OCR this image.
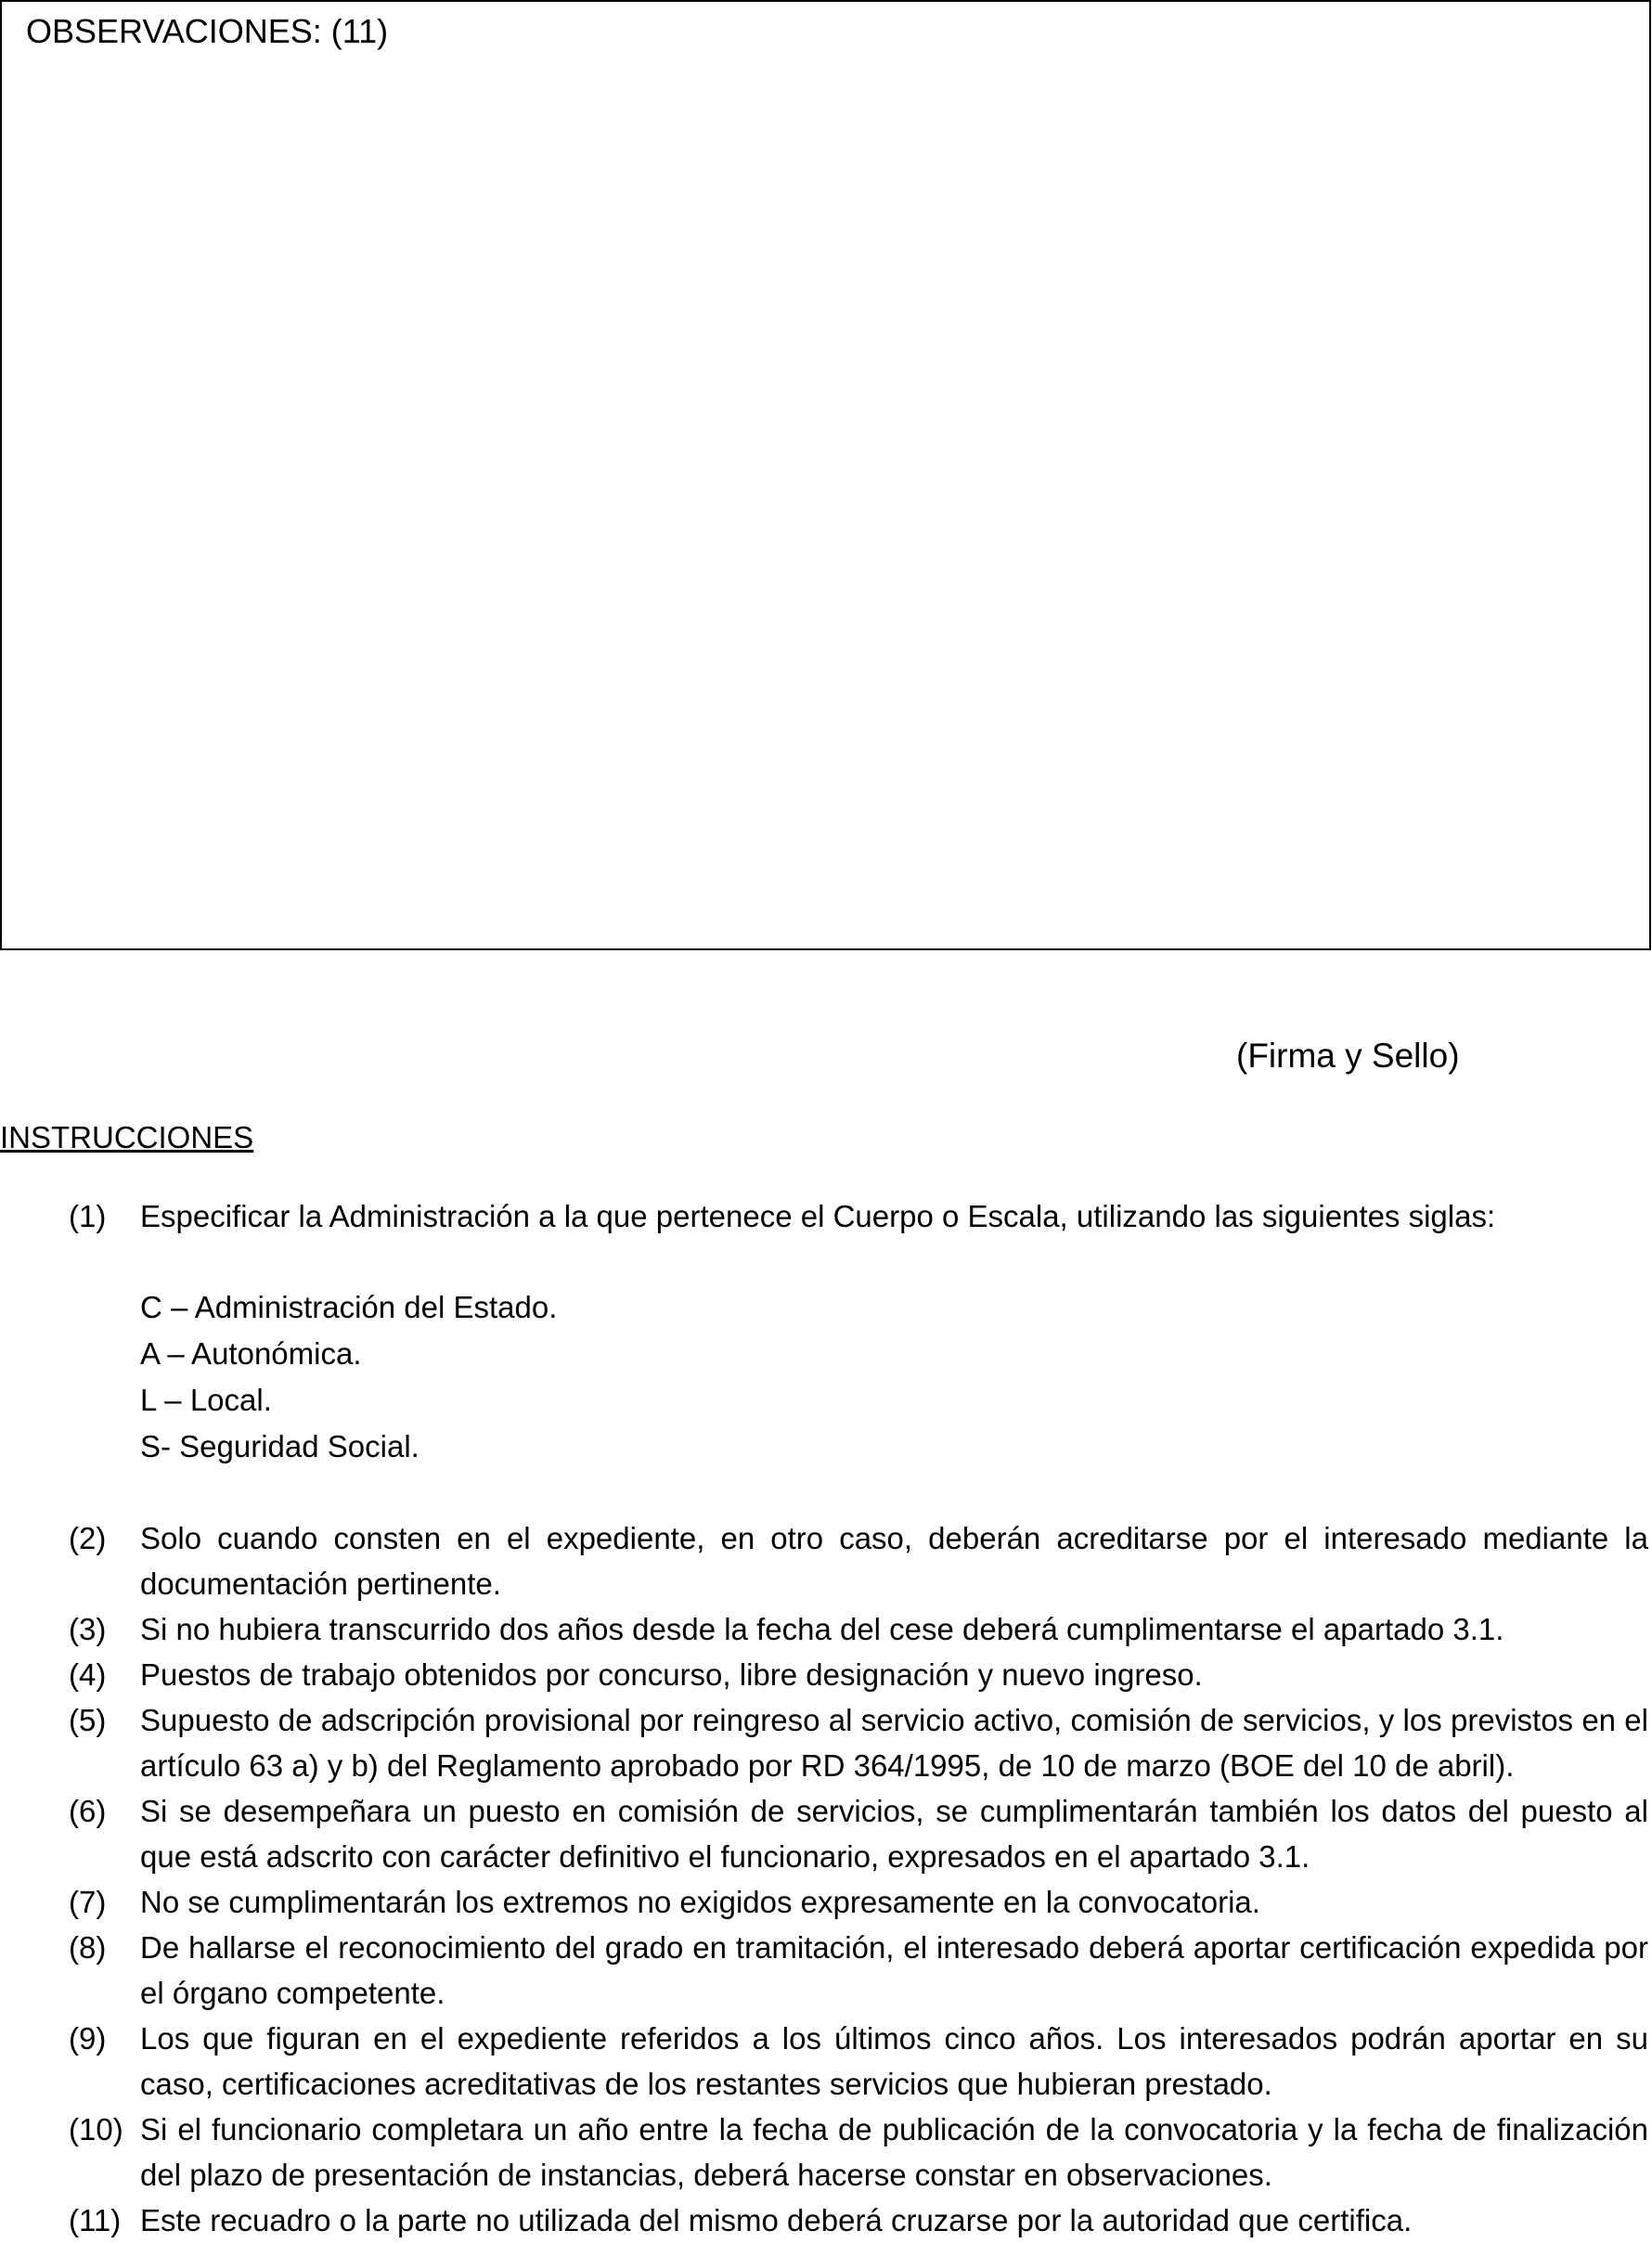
OBSERVACIONES: (11)
(Firma y Sello)
INSTRUCCIONES
(1) Especificar la Administración a la que pertenece el Cuerpo o Escala, utilizando las siguientes siglas:
C – Administración del Estado.
A – Autonómica.
L – Local.
S- Seguridad Social.
(2) Solo cuando consten en el expediente, en otro caso, deberán acreditarse por el interesado mediante la documentación pertinente.
(3) Si no hubiera transcurrido dos años desde la fecha del cese deberá cumplimentarse el apartado 3.1.
(4) Puestos de trabajo obtenidos por concurso, libre designación y nuevo ingreso.
(5) Supuesto de adscripción provisional por reingreso al servicio activo, comisión de servicios, y los previstos en el artículo 63 a) y b) del Reglamento aprobado por RD 364/1995, de 10 de marzo (BOE del 10 de abril).
(6) Si se desempeñara un puesto en comisión de servicios, se cumplimentarán también los datos del puesto al que está adscrito con carácter definitivo el funcionario, expresados en el apartado 3.1.
(7) No se cumplimentarán los extremos no exigidos expresamente en la convocatoria.
(8) De hallarse el reconocimiento del grado en tramitación, el interesado deberá aportar certificación expedida por el órgano competente.
(9) Los que figuran en el expediente referidos a los últimos cinco años. Los interesados podrán aportar en su caso, certificaciones acreditativas de los restantes servicios que hubieran prestado.
(10) Si el funcionario completara un año entre la fecha de publicación de la convocatoria y la fecha de finalización del plazo de presentación de instancias, deberá hacerse constar en observaciones.
(11) Este recuadro o la parte no utilizada del mismo deberá cruzarse por la autoridad que certifica.
